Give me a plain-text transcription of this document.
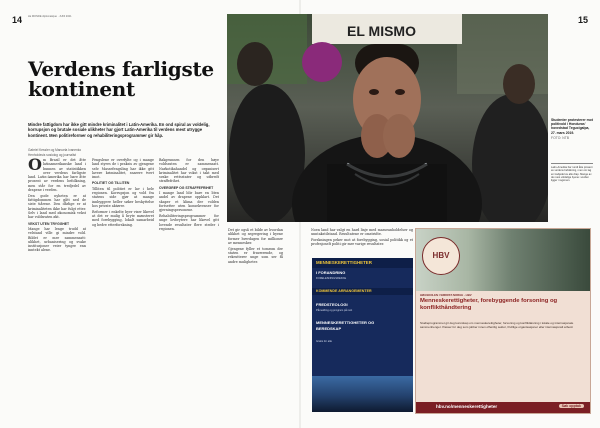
14 LE MONDE diplomatique · JUNI 2021
Verdens farligste kontinent
Mindre fattigdom har ikke gitt mindre kriminalitet i Latin-Amerika. En ond spiral av voldelig, korrupsjon og brutale sosiale ulikheter har gjort Latin-Amerika til verdens mest utrygge kontinent. Men politireformer og rehabiliteringsprogrammer gir håp.
Gabriel Kessler og Manuela Ivanenko
Henholdsvis sosiolog og journalist

Om Brasil er det åtte latinamerikanske land i bunnen av statistikken over verdens farligste land. Latin-Amerika har bare åtte prosent av verdens befolkning, men står for en tredjedel av drapene i verden.

Den gode nyheten er at fattigdommen har gått ned de siste tiårene. Den dårlige er at kriminaliteten ikke har fulgt etter. Selv i land med økonomisk vekst har voldsraten økt.

VEKST UTEN TRYGGHET

Mange har lenge trodd at velstand ville gi mindre vold. Bildet er mer sammensatt: ulikhet, urbanisering og svake institusjoner veier tyngre enn inntekt alene.

Fengslene er overfylte og i mange land styres de i praksis av gjengene selv. Massefengsling har ikke gitt lavere kriminalitet, snarere tvert imot.

POLITIET OG TILLITEN

Tilliten til politiet er lav i hele regionen. Korrupsjon og vold fra statens side gjør at mange innbyggere heller søker beskyttelse hos private aktører.

Reformer i enkelte byer viser likevel at det er mulig å bryte mønsteret med forebygging, lokalt samarbeid og bedre etterforskning.

Bakgrunnen for den høye voldsraten er sammensatt. Narkotikahandel og organisert kriminalitet har vokst i takt med svake rettsstater og utbredt straffefrihet.

OVERGREP OG STRAFFEFRIHET

I mange land blir bare en liten andel av drapene oppklart. Det skaper et klima der volden fortsetter uten konsekvenser for gjerningspersonene.

Rehabiliteringsprogrammer for unge lovbrytere har likevel gitt lovende resultater flere steder i regionen.

15
EL MISMO
Studenter protesterer mot politivold i Honduras' hovedstad Tegucigalpa, 27. mars 2019.
FOTO: NTB
Latin-Amerika har rundt åtte prosent av verdens befolkning, men om lag en tredjedel av alle drap. Mange av de mest voldelige byene i verden ligger i regionen.

Det gir også et bilde av hvordan ulikhet og segregering i byene former hverdagen for millioner av mennesker.

Gjengene fyller et tomrom der staten er fraværende, og rekrutterer unge som ser få andre muligheter.

Noen land har valgt en hard linje med masseanholdelser og unntakstilstand. Resultatene er omstridte.

Forskningen peker mot at forebygging, sosial politikk og et profesjonelt politi gir mer varige resultater.

MENNESKERETTIGHETER
I FORANDRING
FORELESNINGSREKKE
KOMMENDE ARRANGEMENTER
FREDSTEOLOGI
Påmelding og program på nett
MENNESKERETTIGHETER OG
BEREDSKAP
Gratis for alle
HBV
HØGSKOLEN I SØRØST-NORGE · HBV
Menneskerettigheter, forebyggende forsoning og konflikthåndtering
Studieprogrammet gir deg kunnskap om menneskerettigheter, forsoning og konfliktløsning i lokale og internasjonale sammenhenger. Passer for deg som jobber innen offentlig sektor, frivillige organisasjoner eller internasjonalt arbeid.
hbv.no/menneskerettigheter	Søk opptak
